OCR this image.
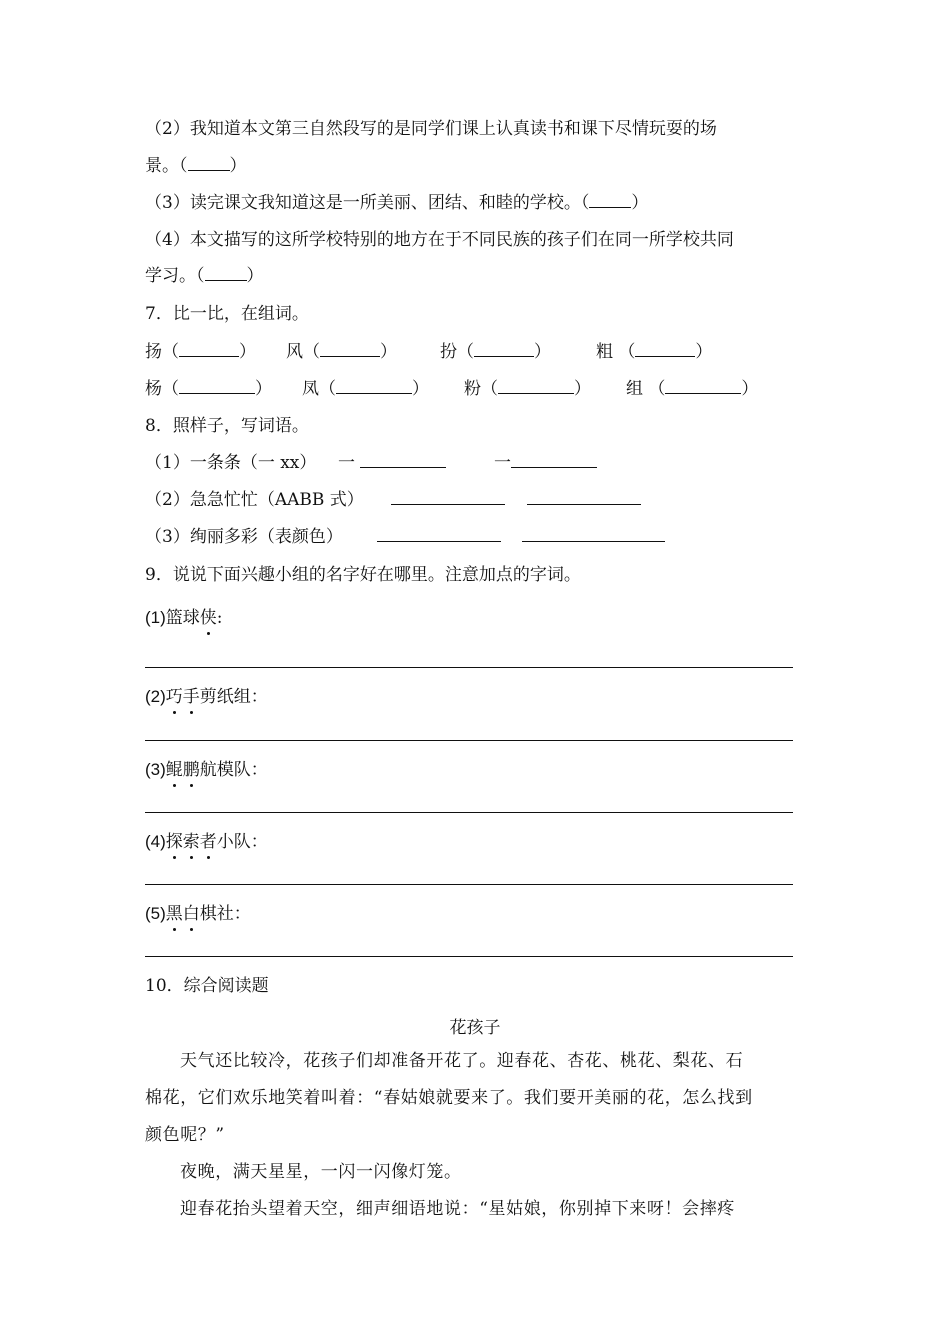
（2）我知道本文第三自然段写的是同学们课上认真读书和课下尽情玩耍的场
景。（ ）
（3）读完课文我知道这是一所美丽、团结、和睦的学校。（ ）
（4）本文描写的这所学校特别的地方在于不同民族的孩子们在同一所学校共同
学习。（ ）
7．比一比，在组词。
扬（	） 风（	）	扮（	）	粗 （	）
杨（	） 凤（	） 粉（	） 组 （	）
8．照样子，写词语。
（1）一条条（一 xx） 一	一
（2）急急忙忙（AABB 式）
（3）绚丽多彩（表颜色）
9．说说下面兴趣小组的名字好在哪里。注意加点的字词。
(1)篮球侠:
(2)巧手剪纸组：
(3)鲲鹏航模队：
(4)探索者小队：
(5)黑白棋社：
10．综合阅读题
花孩子
天气还比较冷，花孩子们却准备开花了。迎春花、杏花、桃花、梨花、石
棉花，它们欢乐地笑着叫着：“春姑娘就要来了。我们要开美丽的花，怎么找到
颜色呢？”
夜晚，满天星星，一闪一闪像灯笼。
迎春花抬头望着天空，细声细语地说：“星姑娘，你别掉下来呀！会摔疼
